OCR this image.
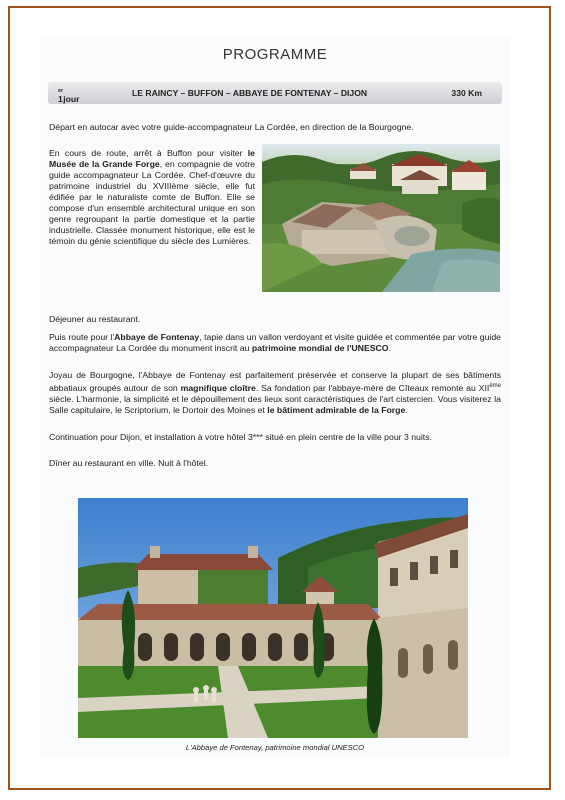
PROGRAMME
1
$^{er}$
jour
LE RAINCY – BUFFON – ABBAYE DE FONTENAY – DIJON	330 Km
Départ en autocar avec votre guide-accompagnateur La Cordée, en direction de la Bourgogne.
En cours de route, arrêt à Buffon pour visiter le Musée de la Grande Forge, en compagnie de votre guide accompagnateur La Cordée. Chef-d'œuvre du patrimoine industriel du XVIIIème siècle, elle fut édifiée par le naturaliste comte de Buffon. Elle se compose d'un ensemble architectural unique en son genre regroupant la partie domestique et la partie industrielle. Classée monument historique, elle est le témoin du génie scientifique du siècle des Lumières.
Déjeuner au restaurant.
Puis route pour l'Abbaye de Fontenay, tapie dans un vallon verdoyant et visite guidée et commentée par votre guide accompagnateur La Cordée du monument inscrit au patrimoine mondial de l'UNESCO.
Joyau de Bourgogne, l'Abbaye de Fontenay est parfaitement préservée et conserve la plupart de ses bâtiments abbatiaux groupés autour de son magnifique cloître. Sa fondation par l'abbaye-mère de Cîteaux remonte au XIIème siècle. L'harmonie, la simplicité et le dépouillement des lieux sont caractéristiques de l'art cistercien. Vous visiterez la Salle capitulaire, le Scriptorium, le Dortoir des Moines et le bâtiment admirable de la Forge.
Continuation pour Dijon, et installation à votre hôtel 3*** situé en plein centre de la ville pour 3 nuits.
Dîner au restaurant en ville. Nuit à l'hôtel.
L'Abbaye de Fontenay, patrimoine mondial UNESCO
